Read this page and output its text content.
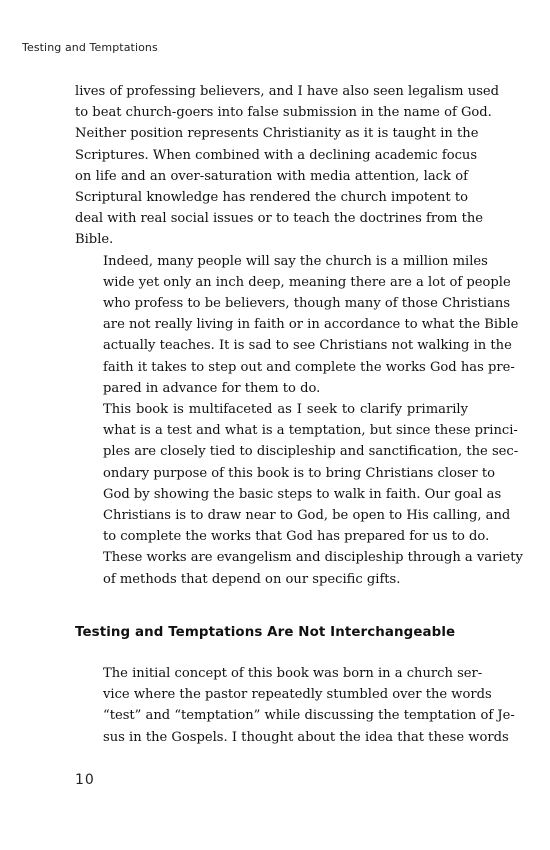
Testing and Temptations

lives of professing believers, and I have also seen legalism used
to beat church-goers into false submission in the name of God.
Neither position represents Christianity as it is taught in the
Scriptures. When combined with a declining academic focus
on life and an over-saturation with media attention, lack of
Scriptural knowledge has rendered the church impotent to
deal with real social issues or to teach the doctrines from the
Bible.

Indeed, many people will say the church is a million miles
wide yet only an inch deep, meaning there are a lot of people
who profess to be believers, though many of those Christians
are not really living in faith or in accordance to what the Bible
actually teaches. It is sad to see Christians not walking in the
faith it takes to step out and complete the works God has pre-
pared in advance for them to do.

This book is multifaceted as I seek to clarify primarily
what is a test and what is a temptation, but since these princi-
ples are closely tied to discipleship and sanctification, the sec-
ondary purpose of this book is to bring Christians closer to
God by showing the basic steps to walk in faith. Our goal as
Christians is to draw near to God, be open to His calling, and
to complete the works that God has prepared for us to do.
These works are evangelism and discipleship through a variety
of methods that depend on our specific gifts.

Testing and Temptations Are Not Interchangeable

The initial concept of this book was born in a church ser-
vice where the pastor repeatedly stumbled over the words
“test” and “temptation” while discussing the temptation of Je-
sus in the Gospels. I thought about the idea that these words

10
